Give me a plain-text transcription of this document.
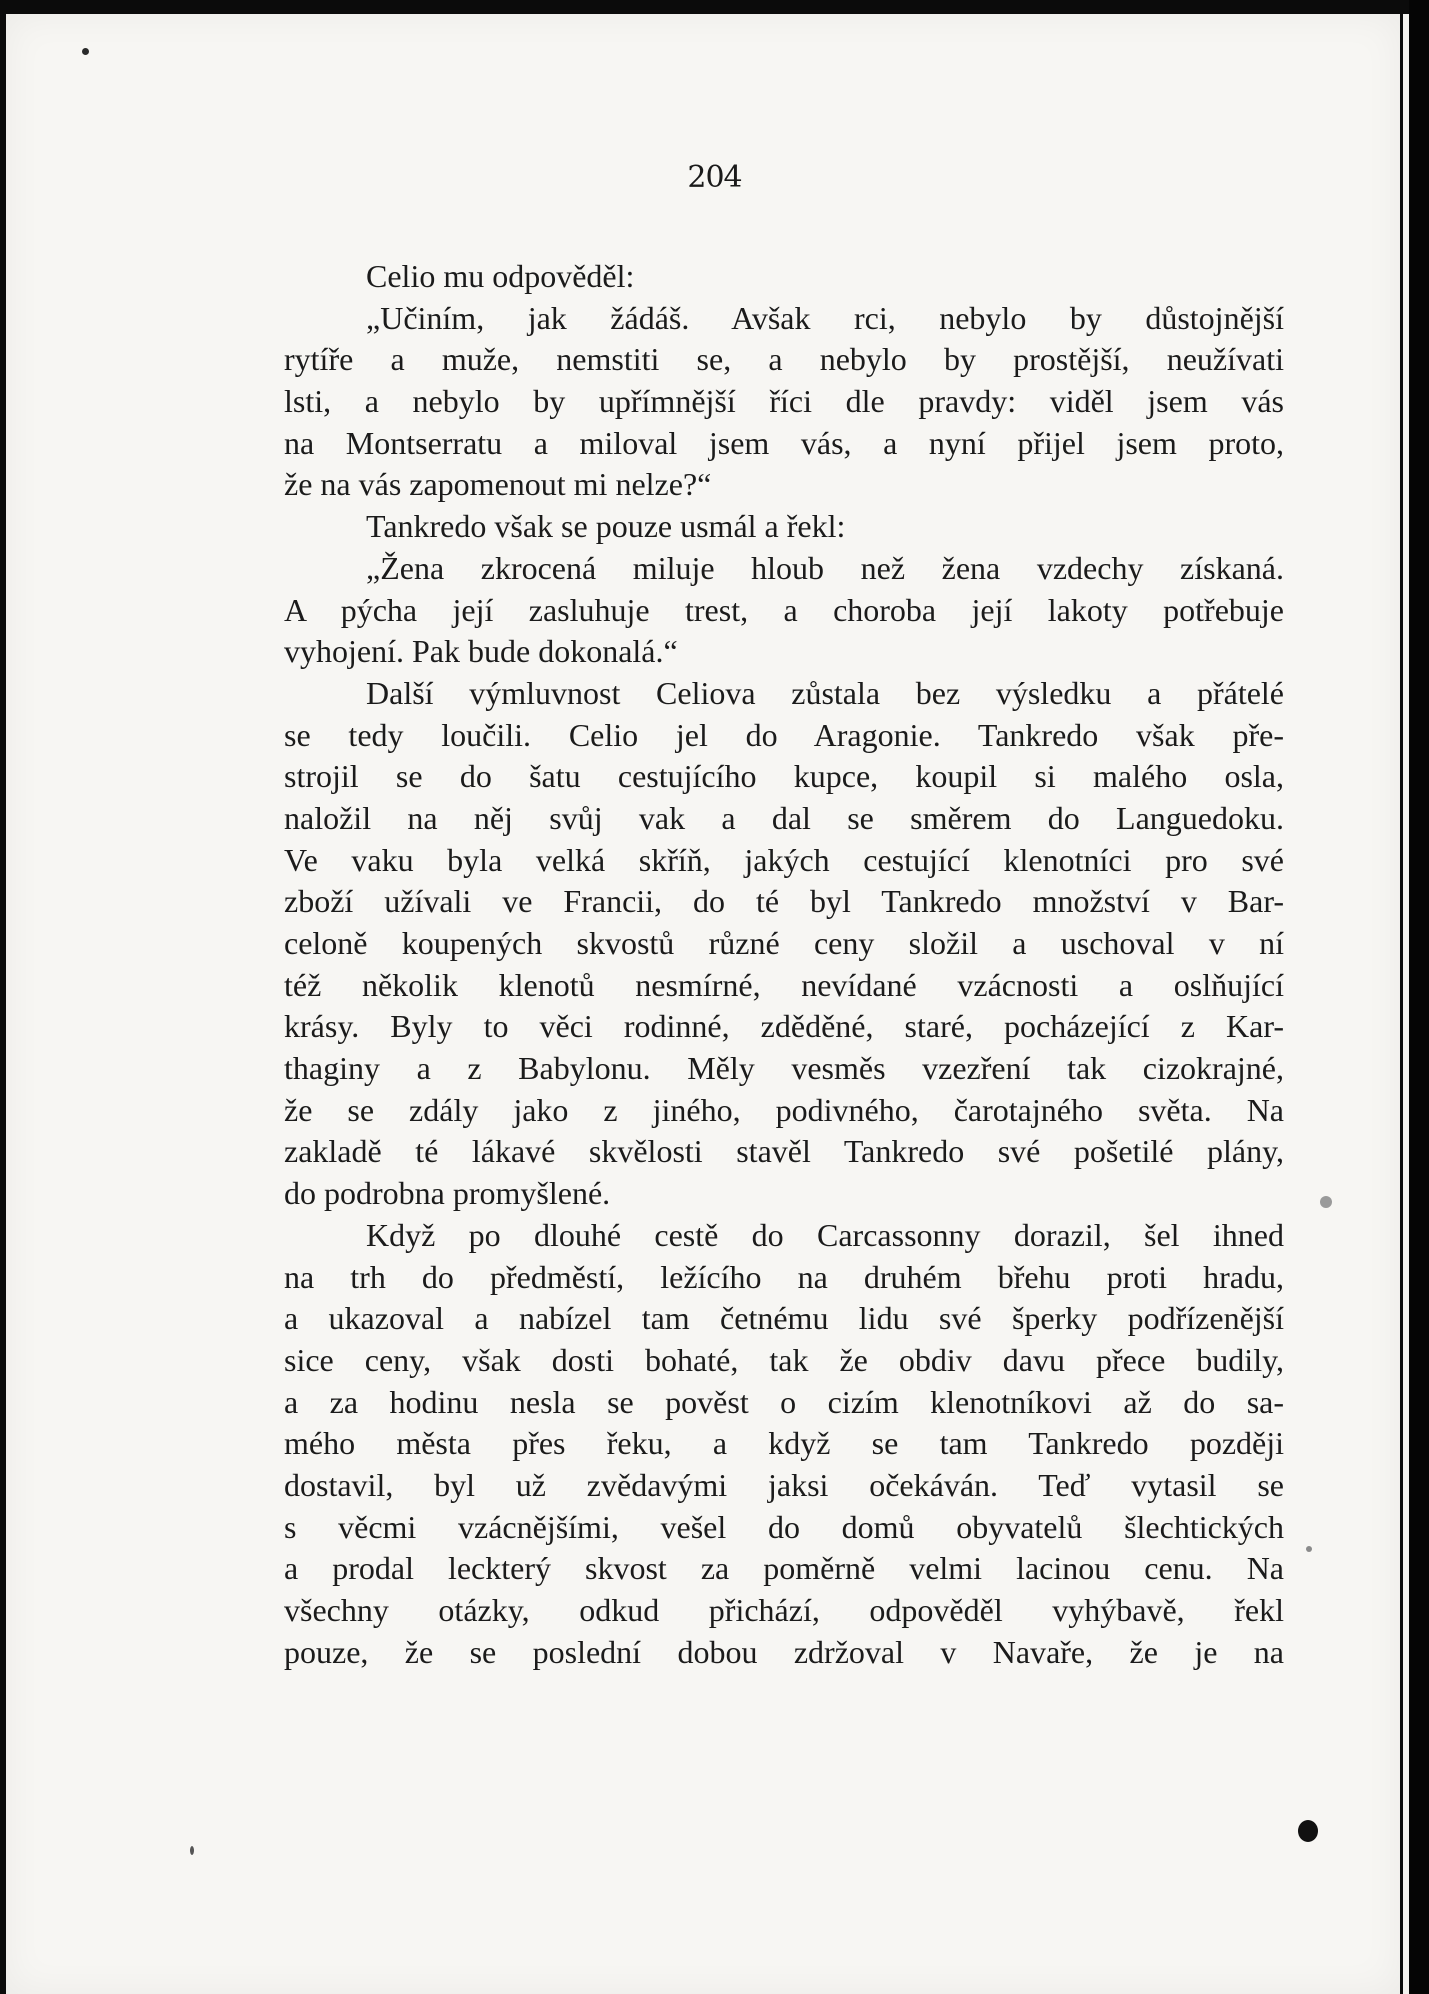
204
Celio mu odpověděl:
„Učiním, jak žádáš. Avšak rci, nebylo by důstojnější
rytíře a muže, nemstiti se, a nebylo by prostější, neužívati
lsti, a nebylo by upřímnější říci dle pravdy: viděl jsem vás
na Montserratu a miloval jsem vás, a nyní přijel jsem proto,
že na vás zapomenout mi nelze?“
Tankredo však se pouze usmál a řekl:
„Žena zkrocená miluje hloub než žena vzdechy získaná.
A pýcha její zasluhuje trest, a choroba její lakoty potřebuje
vyhojení. Pak bude dokonalá.“
Další výmluvnost Celiova zůstala bez výsledku a přátelé
se tedy loučili. Celio jel do Aragonie. Tankredo však pře-
strojil se do šatu cestujícího kupce, koupil si malého osla,
naložil na něj svůj vak a dal se směrem do Languedoku.
Ve vaku byla velká skříň, jakých cestující klenotníci pro své
zboží užívali ve Francii, do té byl Tankredo množství v Bar-
celoně koupených skvostů různé ceny složil a uschoval v ní
též několik klenotů nesmírné, nevídané vzácnosti a oslňující
krásy. Byly to věci rodinné, zděděné, staré, pocházející z Kar-
thaginy a z Babylonu. Měly vesměs vzezření tak cizokrajné,
že se zdály jako z jiného, podivného, čarotajného světa. Na
zakladě té lákavé skvělosti stavěl Tankredo své pošetilé plány,
do podrobna promyšlené.
Když po dlouhé cestě do Carcassonny dorazil, šel ihned
na trh do předměstí, ležícího na druhém břehu proti hradu,
a ukazoval a nabízel tam četnému lidu své šperky podřízenější
sice ceny, však dosti bohaté, tak že obdiv davu přece budily,
a za hodinu nesla se pověst o cizím klenotníkovi až do sa-
mého města přes řeku, a když se tam Tankredo později
dostavil, byl už zvědavými jaksi očekáván. Teď vytasil se
s věcmi vzácnějšími, vešel do domů obyvatelů šlechtických
a prodal leckterý skvost za poměrně velmi lacinou cenu. Na
všechny otázky, odkud přichází, odpověděl vyhýbavě, řekl
pouze, že se poslední dobou zdržoval v Navaře, že je na
